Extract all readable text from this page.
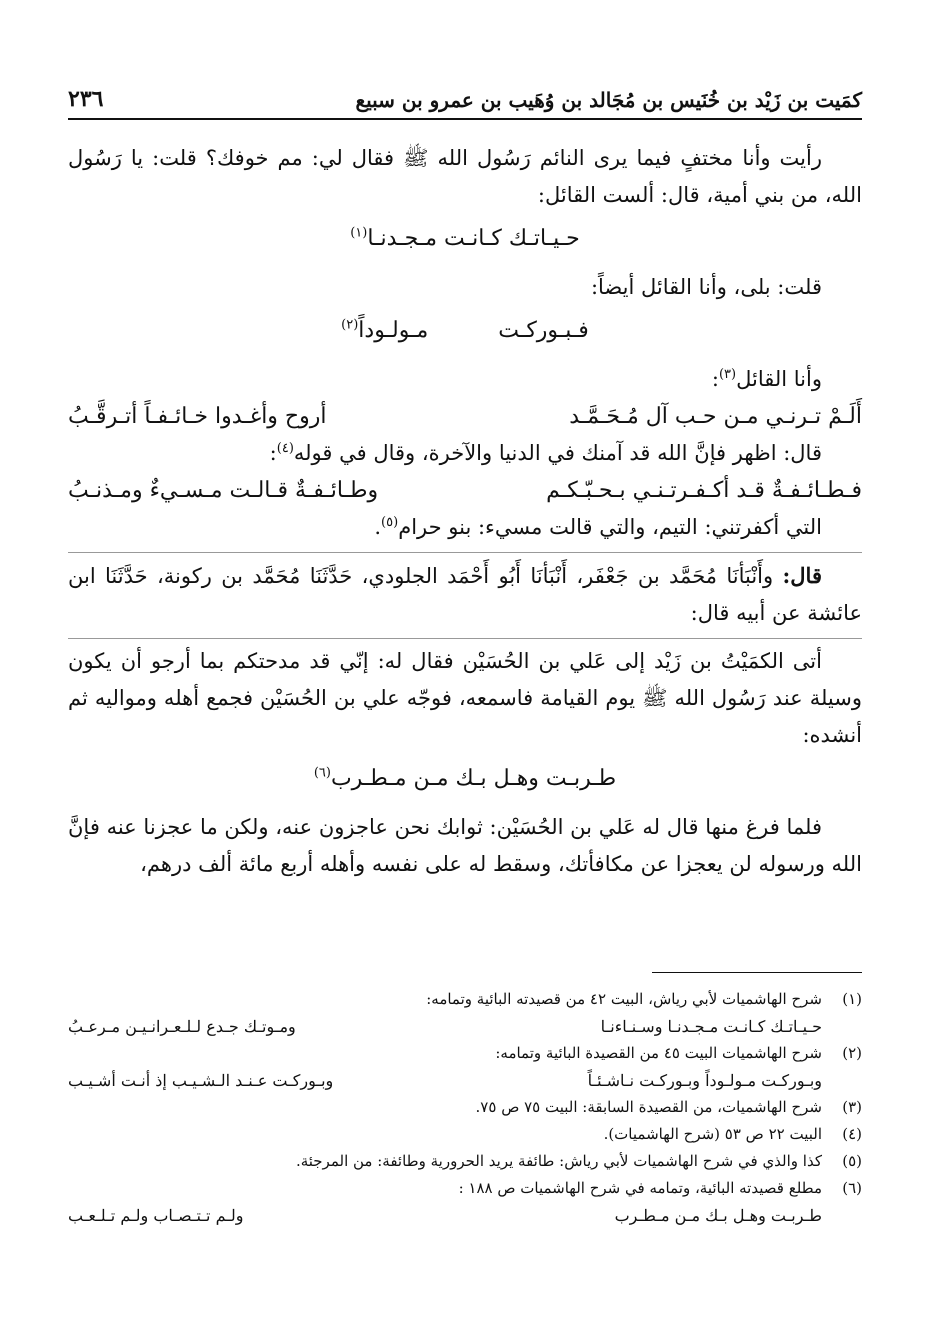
كمَيت بن زَيْد بن خُنَيس بن مُجَالد بن وُهَيب بن عمرو بن سبيع
٢٣٦

رأيت وأنا مختفٍ فيما يرى النائم رَسُول الله ﷺ فقال لي: مم خوفك؟ قلت: يا رَسُول الله، من بني أمية، قال: ألست القائل:

حـيـاتـك كـانـت مـجـدنـا$^{(١)}$

قلت: بلى، وأنا القائل أيضاً:

فـبـوركـت          مـولـوداً$^{(٢)}$

وأنا القائل$^{(٣)}$:

أَلَـمْ تـرنـي مـن حـب آل مُـحَـمَّـد
أروح وأغـدوا خـائـفـاً أتـرقَّـبُ

قال: اظهر فإنَّ الله قد آمنك في الدنيا والآخرة، وقال في قوله$^{(٤)}$:

فـطـائـفـةٌ قـد أكـفـرتـنـي بـحـبّـكـم
وطـائـفـةٌ قـالـت مـسـيءٌ ومـذنـبُ

التي أكفرتني: التيم، والتي قالت مسيء: بنو حرام$^{(٥)}$.

قال: وأَنْبَأنَا مُحَمَّد بن جَعْفَر، أَنْبَأنَا أَبُو أَحْمَد الجلودي، حَدَّثَنَا مُحَمَّد بن ركونة، حَدَّثَنَا ابن عائشة عن أبيه قال:

أتى الكمَيْتُ بن زَيْد إلى عَلي بن الحُسَيْن فقال له: إنّي قد مدحتكم بما أرجو أن يكون وسيلة عند رَسُول الله ﷺ يوم القيامة فاسمعه، فوجّه علي بن الحُسَيْن فجمع أهله ومواليه ثم أنشده:

طـربـت وهـل بـك مـن مـطـرب$^{(٦)}$

فلما فرغ منها قال له عَلي بن الحُسَيْن: ثوابك نحن عاجزون عنه، ولكن ما عجزنا عنه فإنَّ الله ورسوله لن يعجزا عن مكافأتك، وسقط له على نفسه وأهله أربع مائة ألف درهم،

(١)
شرح الهاشميات لأبي رياش، البيت ٤٢ من قصيدته البائية وتمامه:
حـيـاتـك كـانـت مـجـدنـا وسـنـاءنـا
ومـوتـك جـدع لـلـعـرانـيـن مـرعـبُ
(٢)
شرح الهاشميات البيت ٤٥ من القصيدة البائية وتمامه:
وبـوركـت مـولـوداً وبـوركـت نـاشـئـاً
وبـوركـت عـنـد الـشـيـب إذ أنـت أشـيـب
(٣)
شرح الهاشميات، من القصيدة السابقة: البيت ٧٥ ص ٧٥.
(٤)
البيت ٢٢ ص ٥٣ (شرح الهاشميات).
(٥)
كذا والذي في شرح الهاشميات لأبي رياش: طائفة يريد الحرورية وطائفة: من المرجئة.
(٦)
مطلع قصيدته البائية، وتمامه في شرح الهاشميات ص ١٨٨ :
طـربـت وهـل بـك مـن مـطـرب
ولـم تـتـصـاب ولـم تـلـعـب
